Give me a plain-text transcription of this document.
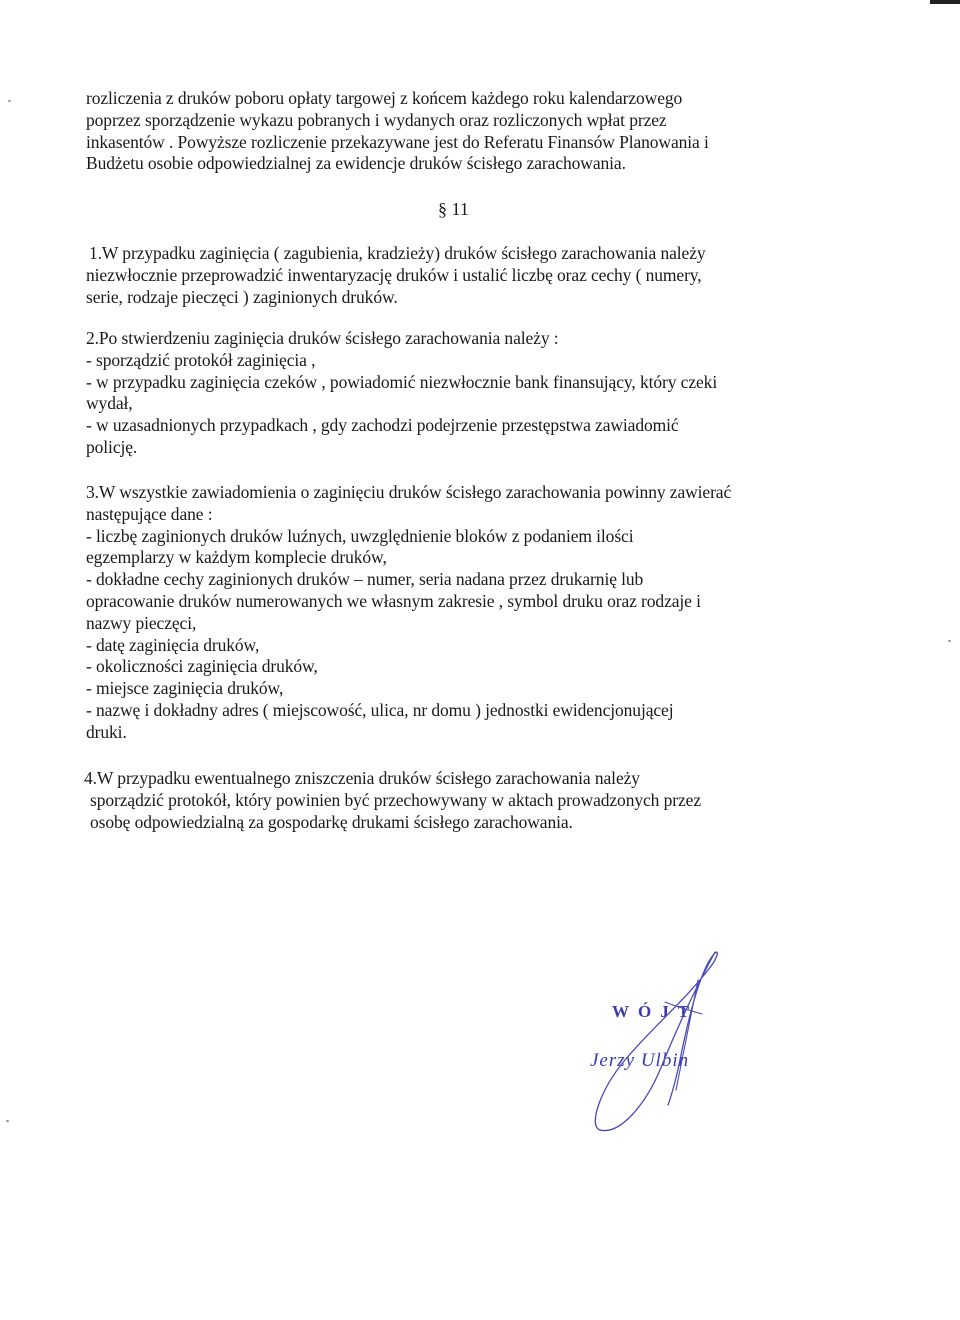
rozliczenia z druków poboru opłaty targowej z końcem każdego roku kalendarzowego
poprzez sporządzenie wykazu pobranych i wydanych oraz rozliczonych wpłat przez
inkasentów . Powyższe rozliczenie przekazywane jest do Referatu Finansów Planowania i
Budżetu osobie odpowiedzialnej za ewidencje druków ścisłego zarachowania.
§ 11
1.W przypadku zaginięcia ( zagubienia, kradzieży) druków ścisłego zarachowania należy
niezwłocznie przeprowadzić inwentaryzację druków i ustalić liczbę oraz cechy ( numery,
serie, rodzaje pieczęci ) zaginionych druków.
2.Po stwierdzeniu zaginięcia druków ścisłego zarachowania należy :
- sporządzić protokół zaginięcia ,
- w przypadku zaginięcia czeków , powiadomić niezwłocznie bank finansujący, który czeki
wydał,
- w uzasadnionych przypadkach , gdy zachodzi podejrzenie przestępstwa zawiadomić
policję.
3.W wszystkie zawiadomienia o zaginięciu druków ścisłego zarachowania powinny zawierać
następujące dane :
- liczbę zaginionych druków luźnych, uwzględnienie bloków z podaniem ilości
egzemplarzy w każdym komplecie druków,
- dokładne cechy zaginionych druków – numer, seria nadana przez drukarnię lub
opracowanie druków numerowanych we własnym zakresie , symbol druku oraz rodzaje i
nazwy pieczęci,
- datę zaginięcia druków,
- okoliczności zaginięcia druków,
- miejsce zaginięcia druków,
- nazwę i dokładny adres ( miejscowość, ulica, nr domu ) jednostki ewidencjonującej
druki.
4.W przypadku ewentualnego zniszczenia druków ścisłego zarachowania należy
sporządzić protokół, który powinien być przechowywany w aktach prowadzonych przez
osobę odpowiedzialną za gospodarkę drukami ścisłego zarachowania.
WÓJT
Jerzy Ulbin
